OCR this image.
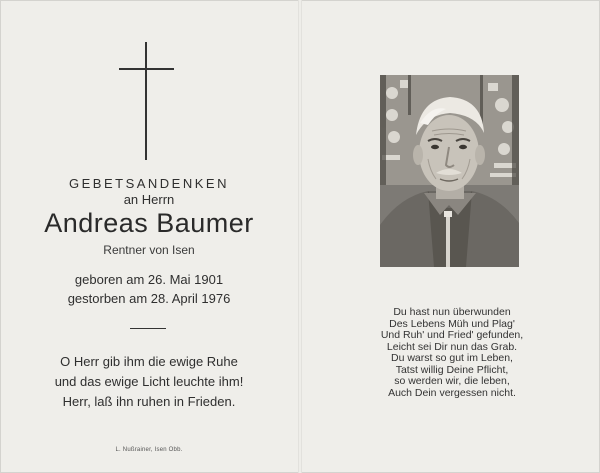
GEBETSANDENKEN
an Herrn
Andreas Baumer
Rentner von Isen
geboren am 26. Mai 1901
gestorben am 28. April 1976
O Herr gib ihm die ewige Ruhe
und das ewige Licht leuchte ihm!
Herr, laß ihn ruhen in Frieden.
L. Nußrainer, Isen Obb.
Du hast nun überwunden
Des Lebens Müh und Plag'
Und Ruh' und Fried' gefunden,
Leicht sei Dir nun das Grab.
Du warst so gut im Leben,
Tatst willig Deine Pflicht,
so werden wir, die leben,
Auch Dein vergessen nicht.
